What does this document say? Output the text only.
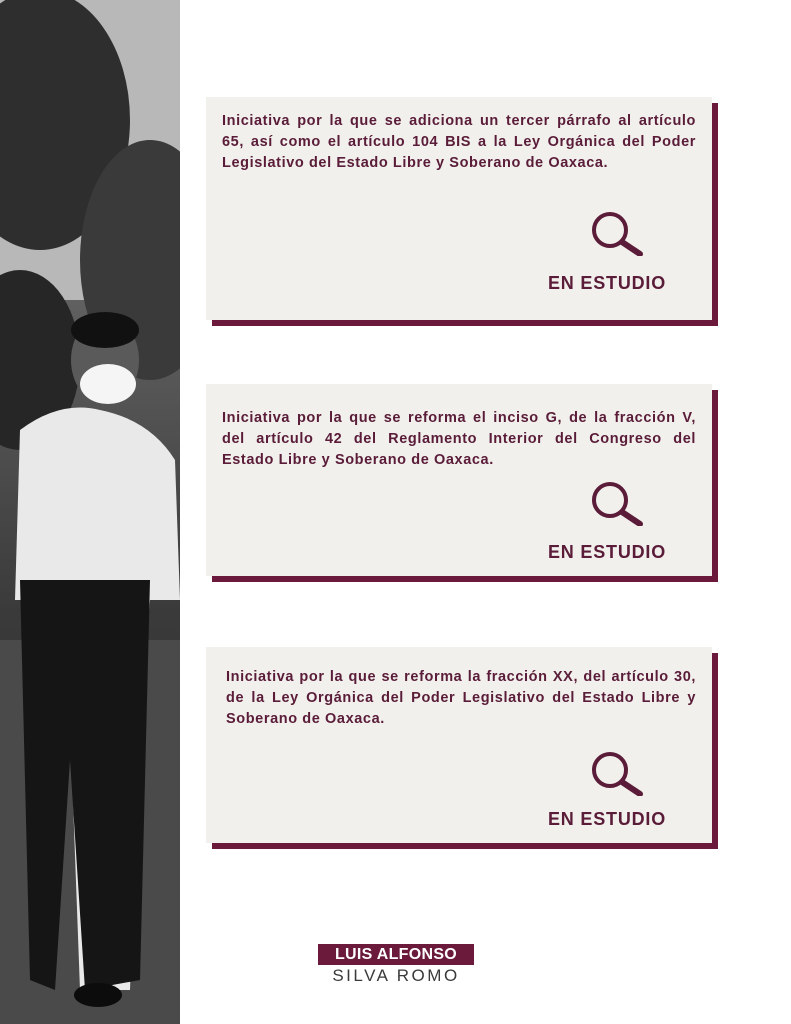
Iniciativa por la que se adiciona un tercer párrafo al artículo 65, así como el artículo 104 BIS a la Ley Orgánica del Poder Legislativo del Estado Libre y Soberano de Oaxaca.

EN ESTUDIO

Iniciativa por la que se reforma el inciso G, de la fracción V, del artículo 42 del Reglamento Interior del Congreso del Estado Libre y Soberano de Oaxaca.

EN ESTUDIO

Iniciativa por la que se reforma la fracción XX, del artículo 30, de la Ley Orgánica del Poder Legislativo del Estado Libre y Soberano de Oaxaca.

EN ESTUDIO
LUIS ALFONSO
SILVA ROMO
